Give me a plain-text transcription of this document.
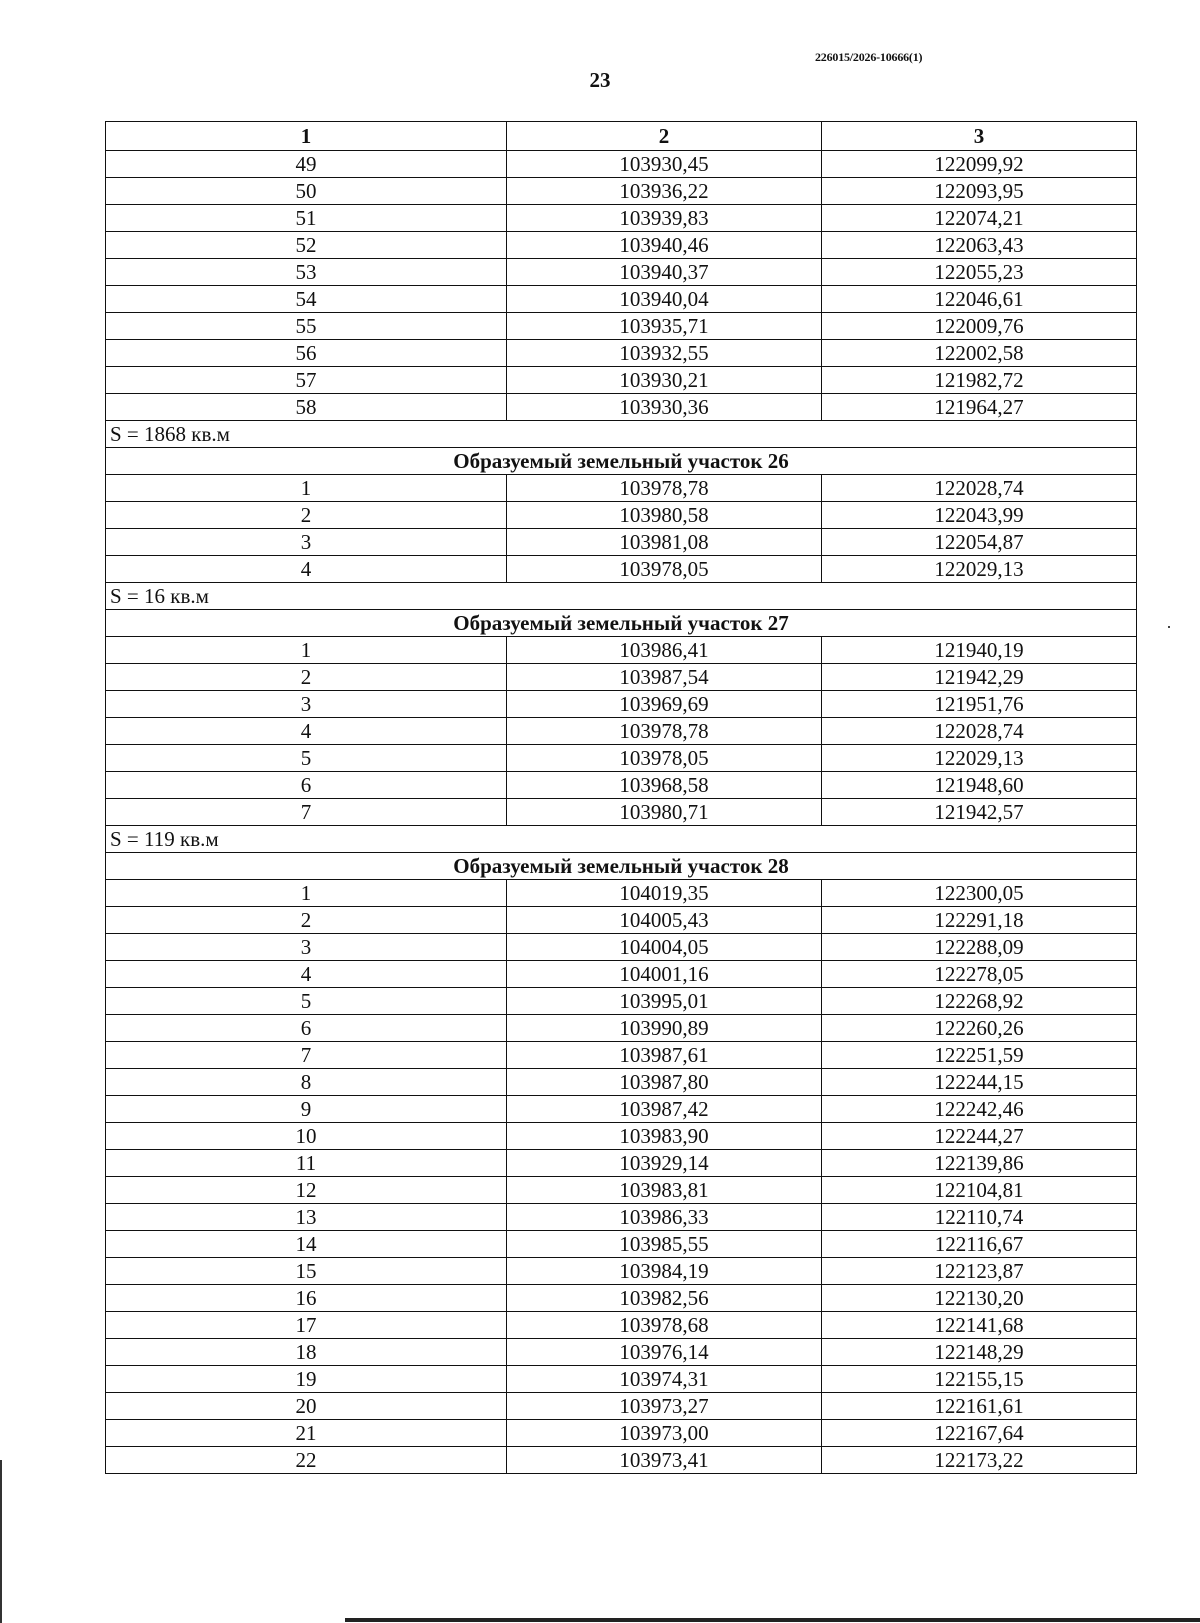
226015/2026-10666(1)
23
1	2	3
49	103930,45	122099,92
50	103936,22	122093,95
51	103939,83	122074,21
52	103940,46	122063,43
53	103940,37	122055,23
54	103940,04	122046,61
55	103935,71	122009,76
56	103932,55	122002,58
57	103930,21	121982,72
58	103930,36	121964,27
S = 1868 кв.м		
Образуемый земельный участок 26		
1	103978,78	122028,74
2	103980,58	122043,99
3	103981,08	122054,87
4	103978,05	122029,13
S = 16 кв.м		
Образуемый земельный участок 27		
1	103986,41	121940,19
2	103987,54	121942,29
3	103969,69	121951,76
4	103978,78	122028,74
5	103978,05	122029,13
6	103968,58	121948,60
7	103980,71	121942,57
S = 119 кв.м		
Образуемый земельный участок 28		
1	104019,35	122300,05
2	104005,43	122291,18
3	104004,05	122288,09
4	104001,16	122278,05
5	103995,01	122268,92
6	103990,89	122260,26
7	103987,61	122251,59
8	103987,80	122244,15
9	103987,42	122242,46
10	103983,90	122244,27
11	103929,14	122139,86
12	103983,81	122104,81
13	103986,33	122110,74
14	103985,55	122116,67
15	103984,19	122123,87
16	103982,56	122130,20
17	103978,68	122141,68
18	103976,14	122148,29
19	103974,31	122155,15
20	103973,27	122161,61
21	103973,00	122167,64
22	103973,41	122173,22
